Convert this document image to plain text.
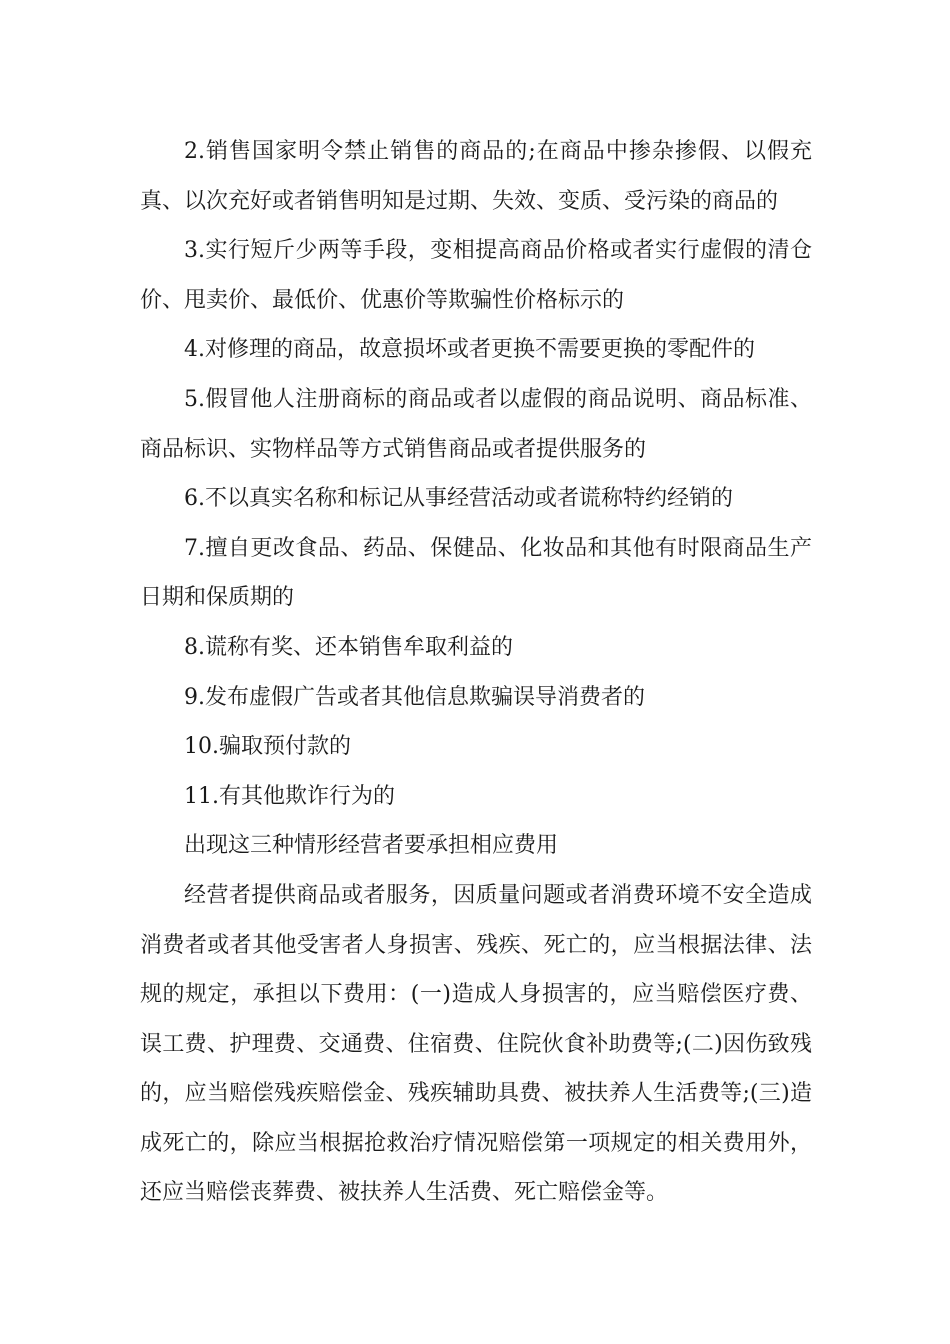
2.销售国家明令禁止销售的商品的;在商品中掺杂掺假、以假充真、以次充好或者销售明知是过期、失效、变质、受污染的商品的

3.实行短斤少两等手段，变相提高商品价格或者实行虚假的清仓价、甩卖价、最低价、优惠价等欺骗性价格标示的

4.对修理的商品，故意损坏或者更换不需要更换的零配件的

5.假冒他人注册商标的商品或者以虚假的商品说明、商品标准、商品标识、实物样品等方式销售商品或者提供服务的

6.不以真实名称和标记从事经营活动或者谎称特约经销的

7.擅自更改食品、药品、保健品、化妆品和其他有时限商品生产日期和保质期的

8.谎称有奖、还本销售牟取利益的

9.发布虚假广告或者其他信息欺骗误导消费者的

10.骗取预付款的

11.有其他欺诈行为的

出现这三种情形经营者要承担相应费用

经营者提供商品或者服务，因质量问题或者消费环境不安全造成消费者或者其他受害者人身损害、残疾、死亡的，应当根据法律、法规的规定，承担以下费用：(一)造成人身损害的，应当赔偿医疗费、误工费、护理费、交通费、住宿费、住院伙食补助费等;(二)因伤致残的，应当赔偿残疾赔偿金、残疾辅助具费、被扶养人生活费等;(三)造成死亡的，除应当根据抢救治疗情况赔偿第一项规定的相关费用外，还应当赔偿丧葬费、被扶养人生活费、死亡赔偿金等。
